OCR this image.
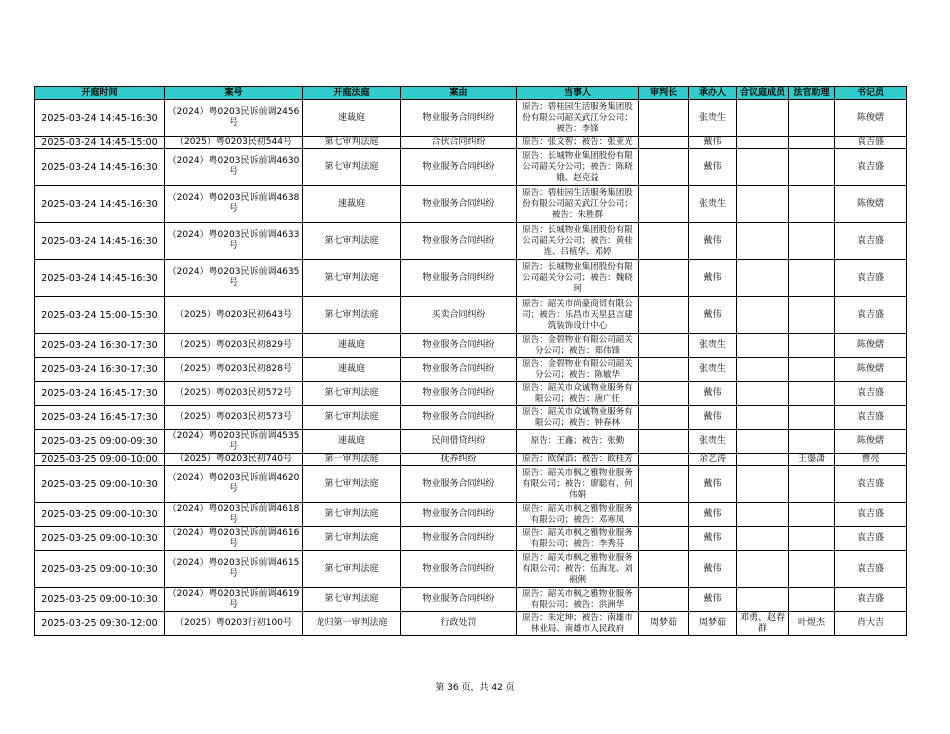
开庭时间	案号	开庭法庭	案由	当事人	审判长	承办人	合议庭成员	法官助理	书记员
2025-03-24 14:45-16:30	（2024）粤0203民诉前调2456号	速裁庭	物业服务合同纠纷	原告：碧桂园生活服务集团股份有限公司韶关武江分公司；被告：李锋		张贵生			陈俊熠
2025-03-24 14:45-15:00	（2025）粤0203民初544号	第七审判法庭	合伙合同纠纷	原告：张文智；被告：张亚光		戴伟			袁吉盛
2025-03-24 14:45-16:30	（2024）粤0203民诉前调4630号	第七审判法庭	物业服务合同纠纷	原告：长城物业集团股份有限公司韶关分公司；被告：陈晓娥、赵克益		戴伟			袁吉盛
2025-03-24 14:45-16:30	（2024）粤0203民诉前调4638号	速裁庭	物业服务合同纠纷	原告：碧桂园生活服务集团股份有限公司韶关武江分公司；被告：朱胜群		张贵生			陈俊熠
2025-03-24 14:45-16:30	（2024）粤0203民诉前调4633号	第七审判法庭	物业服务合同纠纷	原告：长城物业集团股份有限公司韶关分公司；被告：黄桂连、吕植华、邓婷		戴伟			袁吉盛
2025-03-24 14:45-16:30	（2024）粤0203民诉前调4635号	第七审判法庭	物业服务合同纠纷	原告：长城物业集团股份有限公司韶关分公司；被告：魏晓珂		戴伟			袁吉盛
2025-03-24 15:00-15:30	（2025）粤0203民初643号	第七审判法庭	买卖合同纠纷	原告：韶关市尚豪商贸有限公司；被告：乐昌市天星县言建筑装饰设计中心		戴伟			袁吉盛
2025-03-24 16:30-17:30	（2025）粤0203民初829号	速裁庭	物业服务合同纠纷	原告：金碧物业有限公司韶关分公司；被告：郑伟锋		张贵生			陈俊熠
2025-03-24 16:30-17:30	（2025）粤0203民初828号	速裁庭	物业服务合同纠纷	原告：金碧物业有限公司韶关分公司；被告：陈敏华		张贵生			陈俊熠
2025-03-24 16:45-17:30	（2025）粤0203民初572号	第七审判法庭	物业服务合同纠纷	原告：韶关市众诚物业服务有限公司；被告：唐广任		戴伟			袁吉盛
2025-03-24 16:45-17:30	（2025）粤0203民初573号	第七审判法庭	物业服务合同纠纷	原告：韶关市众诚物业服务有限公司；被告：钟春林		戴伟			袁吉盛
2025-03-25 09:00-09:30	（2024）粤0203民诉前调4535号	速裁庭	民间借贷纠纷	原告：王鑫；被告：张勤		张贵生			陈俊熠
2025-03-25 09:00-10:00	（2025）粤0203民初740号	第一审判法庭	抚养纠纷	原告：欧保滔；被告：欧桂芳		余艺涛		王鎏潇	曹亮
2025-03-25 09:00-10:30	（2024）粤0203民诉前调4620号	第七审判法庭	物业服务合同纠纷	原告：韶关市枫之雅物业服务有限公司；被告：廖聪有、何伟娟		戴伟			袁吉盛
2025-03-25 09:00-10:30	（2024）粤0203民诉前调4618号	第七审判法庭	物业服务合同纠纷	原告：韶关市枫之雅物业服务有限公司；被告：邓寒凤		戴伟			袁吉盛
2025-03-25 09:00-10:30	（2024）粤0203民诉前调4616号	第七审判法庭	物业服务合同纠纷	原告：韶关市枫之雅物业服务有限公司；被告：李秀芬		戴伟			袁吉盛
2025-03-25 09:00-10:30	（2024）粤0203民诉前调4615号	第七审判法庭	物业服务合同纠纷	原告：韶关市枫之雅物业服务有限公司；被告：伍海龙、刘丽俐		戴伟			袁吉盛
2025-03-25 09:00-10:30	（2024）粤0203民诉前调4619号	第七审判法庭	物业服务合同纠纷	原告：韶关市枫之雅物业服务有限公司；被告：洪洲华		戴伟			袁吉盛
2025-03-25 09:30-12:00	（2025）粤0203行初100号	龙归第一审判法庭	行政处罚	原告：朱定坤；被告：南雄市林业局、南雄市人民政府	周梦茹	周梦茹	邓勇、赵春群	叶煜杰	肖大吉
第 36 页，共 42 页
